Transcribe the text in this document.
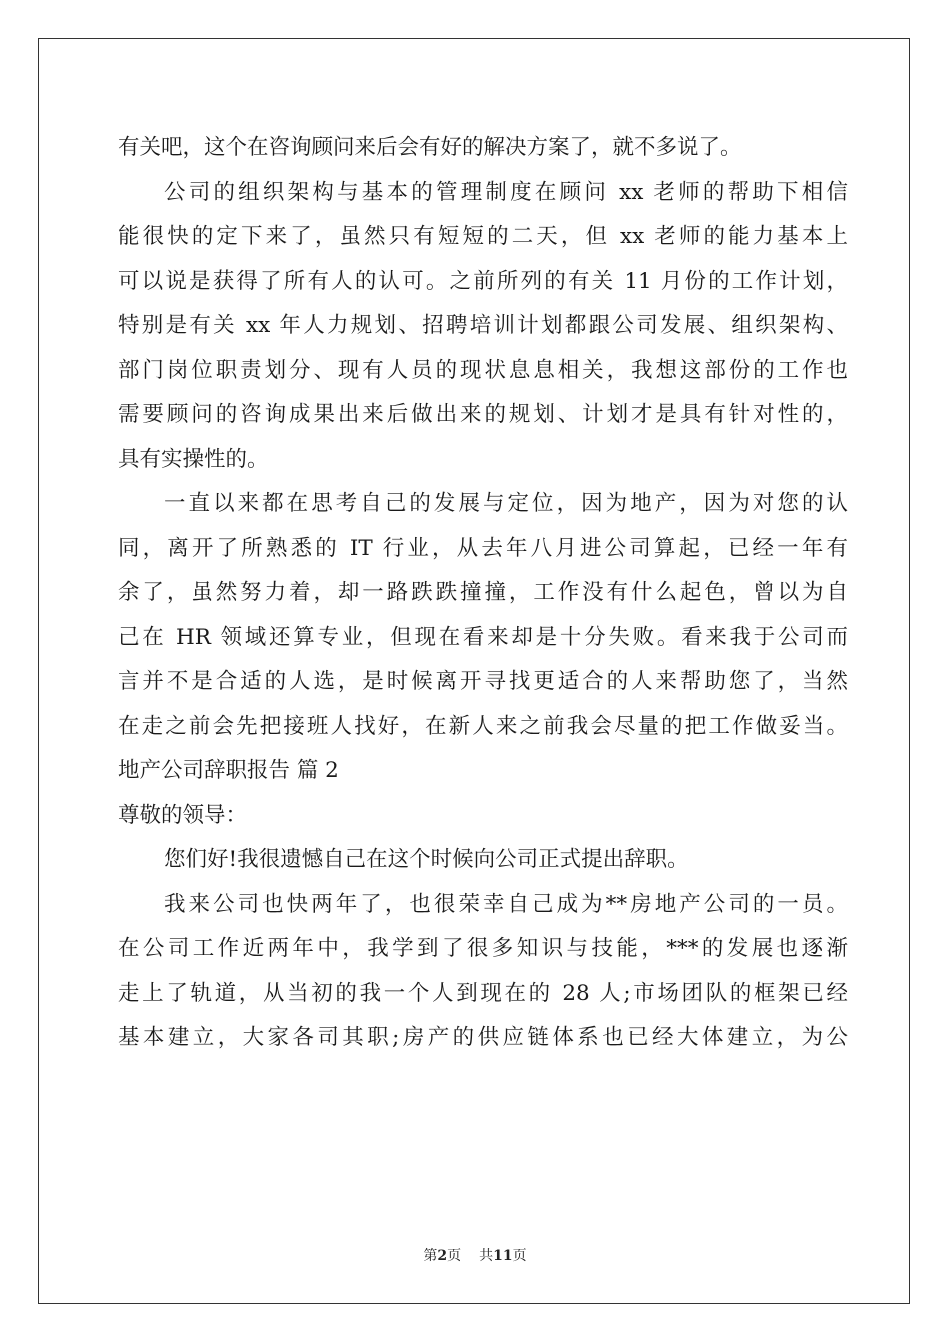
有关吧，这个在咨询顾问来后会有好的解决方案了，就不多说了。
公司的组织架构与基本的管理制度在顾问 xx 老师的帮助下相信
能很快的定下来了，虽然只有短短的二天，但 xx 老师的能力基本上
可以说是获得了所有人的认可。之前所列的有关 11 月份的工作计划，
特别是有关 xx 年人力规划、招聘培训计划都跟公司发展、组织架构、
部门岗位职责划分、现有人员的现状息息相关，我想这部份的工作也
需要顾问的咨询成果出来后做出来的规划、计划才是具有针对性的，
具有实操性的。
一直以来都在思考自己的发展与定位，因为地产，因为对您的认
同，离开了所熟悉的 IT 行业，从去年八月进公司算起，已经一年有
余了，虽然努力着，却一路跌跌撞撞，工作没有什么起色，曾以为自
己在 HR 领域还算专业，但现在看来却是十分失败。看来我于公司而
言并不是合适的人选，是时候离开寻找更适合的人来帮助您了，当然
在走之前会先把接班人找好，在新人来之前我会尽量的把工作做妥当。
地产公司辞职报告 篇 2
尊敬的领导：
您们好!我很遗憾自己在这个时候向公司正式提出辞职。
我来公司也快两年了，也很荣幸自己成为**房地产公司的一员。
在公司工作近两年中，我学到了很多知识与技能，***的发展也逐渐
走上了轨道，从当初的我一个人到现在的 28 人;市场团队的框架已经
基本建立，大家各司其职;房产的供应链体系也已经大体建立，为公
第2页 共11页
